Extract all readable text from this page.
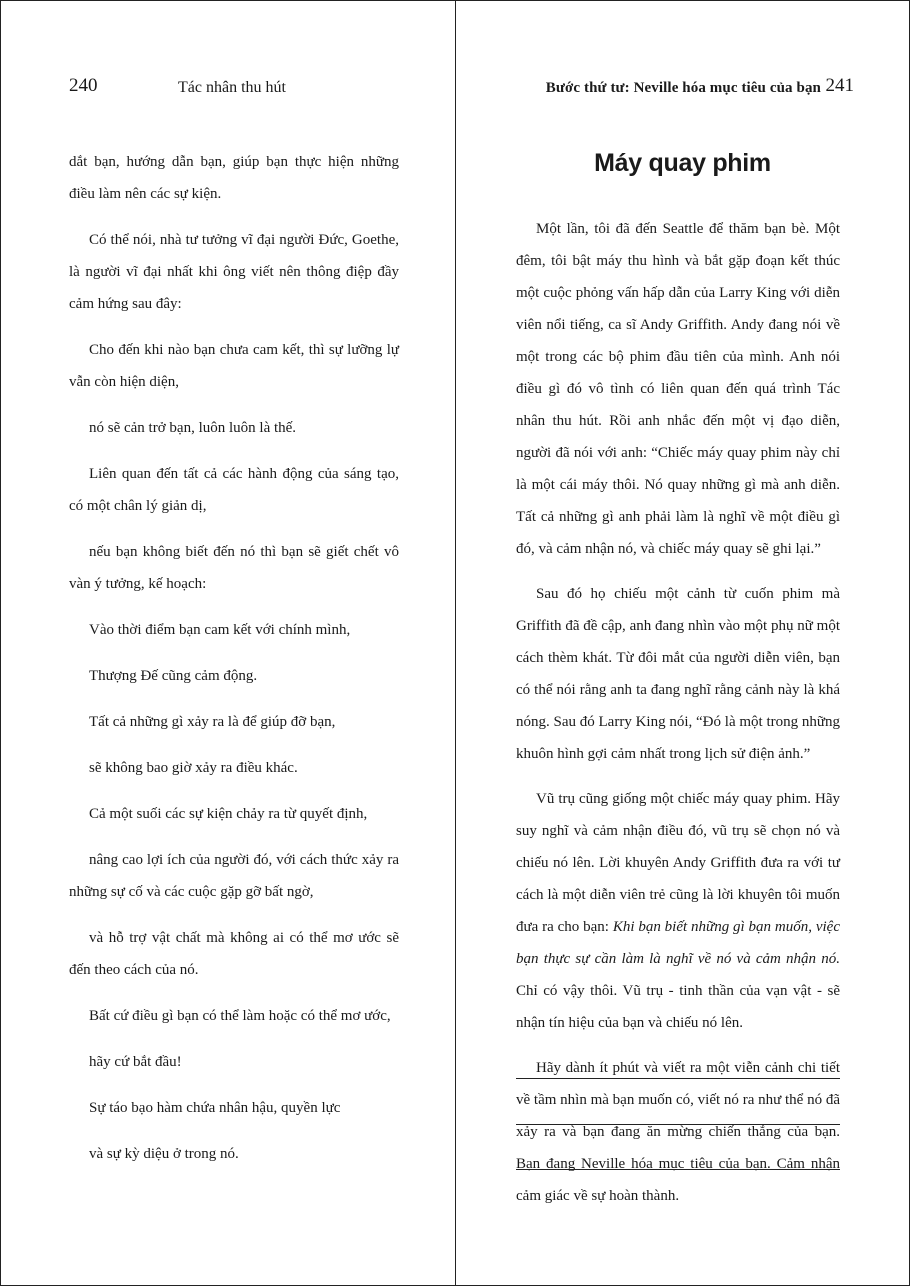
240	Tác nhân thu hút

dắt bạn, hướng dẫn bạn, giúp bạn thực hiện những điều làm nên các sự kiện.

Có thể nói, nhà tư tưởng vĩ đại người Đức, Goethe, là người vĩ đại nhất khi ông viết nên thông điệp đầy cảm hứng sau đây:

Cho đến khi nào bạn chưa cam kết, thì sự lưỡng lự vẫn còn hiện diện,

nó sẽ cản trở bạn, luôn luôn là thế.

Liên quan đến tất cả các hành động của sáng tạo, có một chân lý giản dị,

nếu bạn không biết đến nó thì bạn sẽ giết chết vô vàn ý tưởng, kế hoạch:

Vào thời điểm bạn cam kết với chính mình,

Thượng Đế cũng cảm động.

Tất cả những gì xảy ra là để giúp đỡ bạn,

sẽ không bao giờ xảy ra điều khác.

Cả một suối các sự kiện chảy ra từ quyết định,

nâng cao lợi ích của người đó, với cách thức xảy ra những sự cố và các cuộc gặp gỡ bất ngờ,

và hỗ trợ vật chất mà không ai có thể mơ ước sẽ đến theo cách của nó.

Bất cứ điều gì bạn có thể làm hoặc có thể mơ ước,

hãy cứ bắt đầu!

Sự táo bạo hàm chứa nhân hậu, quyền lực

và sự kỳ diệu ở trong nó.

Bước thứ tư: Neville hóa mục tiêu của bạn 241
Máy quay phim

Một lần, tôi đã đến Seattle để thăm bạn bè. Một đêm, tôi bật máy thu hình và bắt gặp đoạn kết thúc một cuộc phỏng vấn hấp dẫn của Larry King với diễn viên nổi tiếng, ca sĩ Andy Griffith. Andy đang nói về một trong các bộ phim đầu tiên của mình. Anh nói điều gì đó vô tình có liên quan đến quá trình Tác nhân thu hút. Rồi anh nhắc đến một vị đạo diễn, người đã nói với anh: “Chiếc máy quay phim này chỉ là một cái máy thôi. Nó quay những gì mà anh diễn. Tất cả những gì anh phải làm là nghĩ về một điều gì đó, và cảm nhận nó, và chiếc máy quay sẽ ghi lại.”

Sau đó họ chiếu một cảnh từ cuốn phim mà Griffith đã đề cập, anh đang nhìn vào một phụ nữ một cách thèm khát. Từ đôi mắt của người diễn viên, bạn có thể nói rằng anh ta đang nghĩ rằng cảnh này là khá nóng. Sau đó Larry King nói, “Đó là một trong những khuôn hình gợi cảm nhất trong lịch sử điện ảnh.”

Vũ trụ cũng giống một chiếc máy quay phim. Hãy suy nghĩ và cảm nhận điều đó, vũ trụ sẽ chọn nó và chiếu nó lên. Lời khuyên Andy Griffith đưa ra với tư cách là một diễn viên trẻ cũng là lời khuyên tôi muốn đưa ra cho bạn: Khi bạn biết những gì bạn muốn, việc bạn thực sự cần làm là nghĩ về nó và cảm nhận nó. Chỉ có vậy thôi. Vũ trụ - tinh thần của vạn vật - sẽ nhận tín hiệu của bạn và chiếu nó lên.

Hãy dành ít phút và viết ra một viễn cảnh chi tiết về tầm nhìn mà bạn muốn có, viết nó ra như thể nó đã xảy ra và bạn đang ăn mừng chiến thắng của bạn. Bạn đang Neville hóa mục tiêu của bạn. Cảm nhận cảm giác về sự hoàn thành.
